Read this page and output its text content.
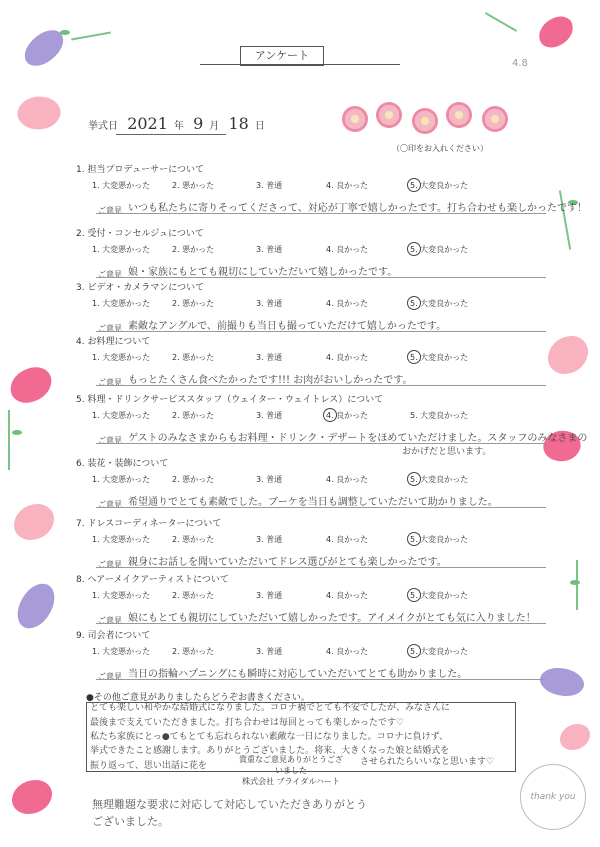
アンケート
4.8
挙式日 2021 年 9 月 18 日
（〇印をお入れください）
1. 担当プロデューサーについて
1. 大変悪かった	2. 悪かった	3. 普通	4. 良かった	5. 大変良かった
ご意見 いつも私たちに寄りそってくださって、対応が丁寧で嬉しかったです。打ち合わせも楽しかったです！
2. 受付・コンセルジュについて
1. 大変悪かった	2. 悪かった	3. 普通	4. 良かった	5. 大変良かった
ご意見 娘・家族にもとても親切にしていただいて嬉しかったです。
3. ビデオ・カメラマンについて
1. 大変悪かった	2. 悪かった	3. 普通	4. 良かった	5. 大変良かった
ご意見 素敵なアングルで、前撮りも当日も撮っていただけて嬉しかったです。
4. お料理について
1. 大変悪かった	2. 悪かった	3. 普通	4. 良かった	5. 大変良かった
ご意見 もっとたくさん食べたかったです!!! お肉がおいしかったです。
5. 料理・ドリンクサービススタッフ（ウェイター・ウェイトレス）について
1. 大変悪かった	2. 悪かった	3. 普通	4. 良かった	5. 大変良かった
ご意見 ゲストのみなさまからもお料理・ドリンク・デザートをほめていただけました。スタッフのみなさまの
おかげだと思います。
6. 装花・装飾について
1. 大変悪かった	2. 悪かった	3. 普通	4. 良かった	5. 大変良かった
ご意見 希望通りでとても素敵でした。ブーケを当日も調整していただいて助かりました。
7. ドレスコーディネーターについて
1. 大変悪かった	2. 悪かった	3. 普通	4. 良かった	5. 大変良かった
ご意見 親身にお話しを聞いていただいてドレス選びがとても楽しかったです。
8. ヘアーメイクアーティストについて
1. 大変悪かった	2. 悪かった	3. 普通	4. 良かった	5. 大変良かった
ご意見 娘にもとても親切にしていただいて嬉しかったです。アイメイクがとても気に入りました！
9. 司会者について
1. 大変悪かった	2. 悪かった	3. 普通	4. 良かった	5. 大変良かった
ご意見 当日の指輪ハプニングにも瞬時に対応していただいてとても助かりました。
●その他ご意見がありましたらどうぞお書きください。
とても楽しい和やかな結婚式になりました。コロナ禍でとても不安でしたが、みなさんに
最後まで支えていただきました。打ち合わせは毎回とっても楽しかったです♡
私たち家族にとっ●てもとても忘れられない素敵な一日になりました。コロナに負けず、
挙式できたこと感謝します。ありがとうございました。将来、大きくなった娘と結婚式を
振り返って、思い出話に花を	させられたらいいなと思います♡
貴重なご意見ありがとうございました
株式会社 ブライダルハート
無理難題な要求に対応して対応していただきありがとう
ございました。
thank you
